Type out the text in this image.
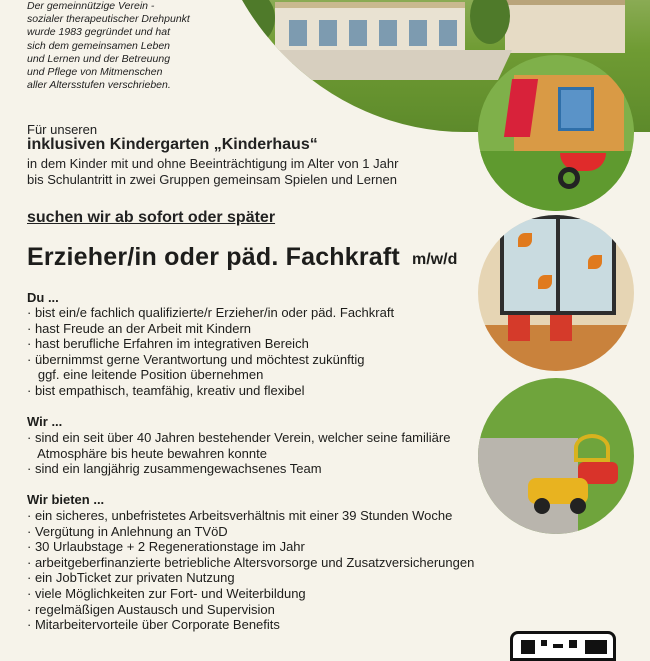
Der gemeinnützige Verein -
sozialer therapeutischer Drehpunkt
wurde 1983 gegründet und hat
sich dem gemeinsamen Leben
und Lernen und der Betreuung
und Pflege von Mitmenschen
aller Altersstufen verschrieben.
Für unseren
inklusiven Kindergarten „Kinderhaus“
in dem Kinder mit und ohne Beeinträchtigung im Alter von 1 Jahr
bis Schulantritt in zwei Gruppen gemeinsam Spielen und Lernen
suchen wir ab sofort oder später
Erzieher/in oder päd. Fachkraft m/w/d
Du ...
· bist ein/e fachlich qualifizierte/r Erzieher/in oder päd. Fachkraft
· hast Freude an der Arbeit mit Kindern
· hast berufliche Erfahren im integrativen Bereich
· übernimmst gerne Verantwortung und möchtest zukünftig
ggf. eine leitende Position übernehmen
· bist empathisch, teamfähig, kreativ und flexibel
Wir ...
· sind ein seit über 40 Jahren bestehender Verein, welcher seine familiäre
Atmosphäre bis heute bewahren konnte
· sind ein langjährig zusammengewachsenes Team
Wir bieten ...
· ein sicheres, unbefristetes Arbeitsverhältnis mit einer 39 Stunden Woche
· Vergütung in Anlehnung an TVöD
· 30 Urlaubstage + 2 Regenerationstage im Jahr
· arbeitgeberfinanzierte betriebliche Altersvorsorge und Zusatzversicherungen
· ein JobTicket zur privaten Nutzung
· viele Möglichkeiten zur Fort- und Weiterbildung
· regelmäßigen Austausch und Supervision
· Mitarbeitervorteile über Corporate Benefits
